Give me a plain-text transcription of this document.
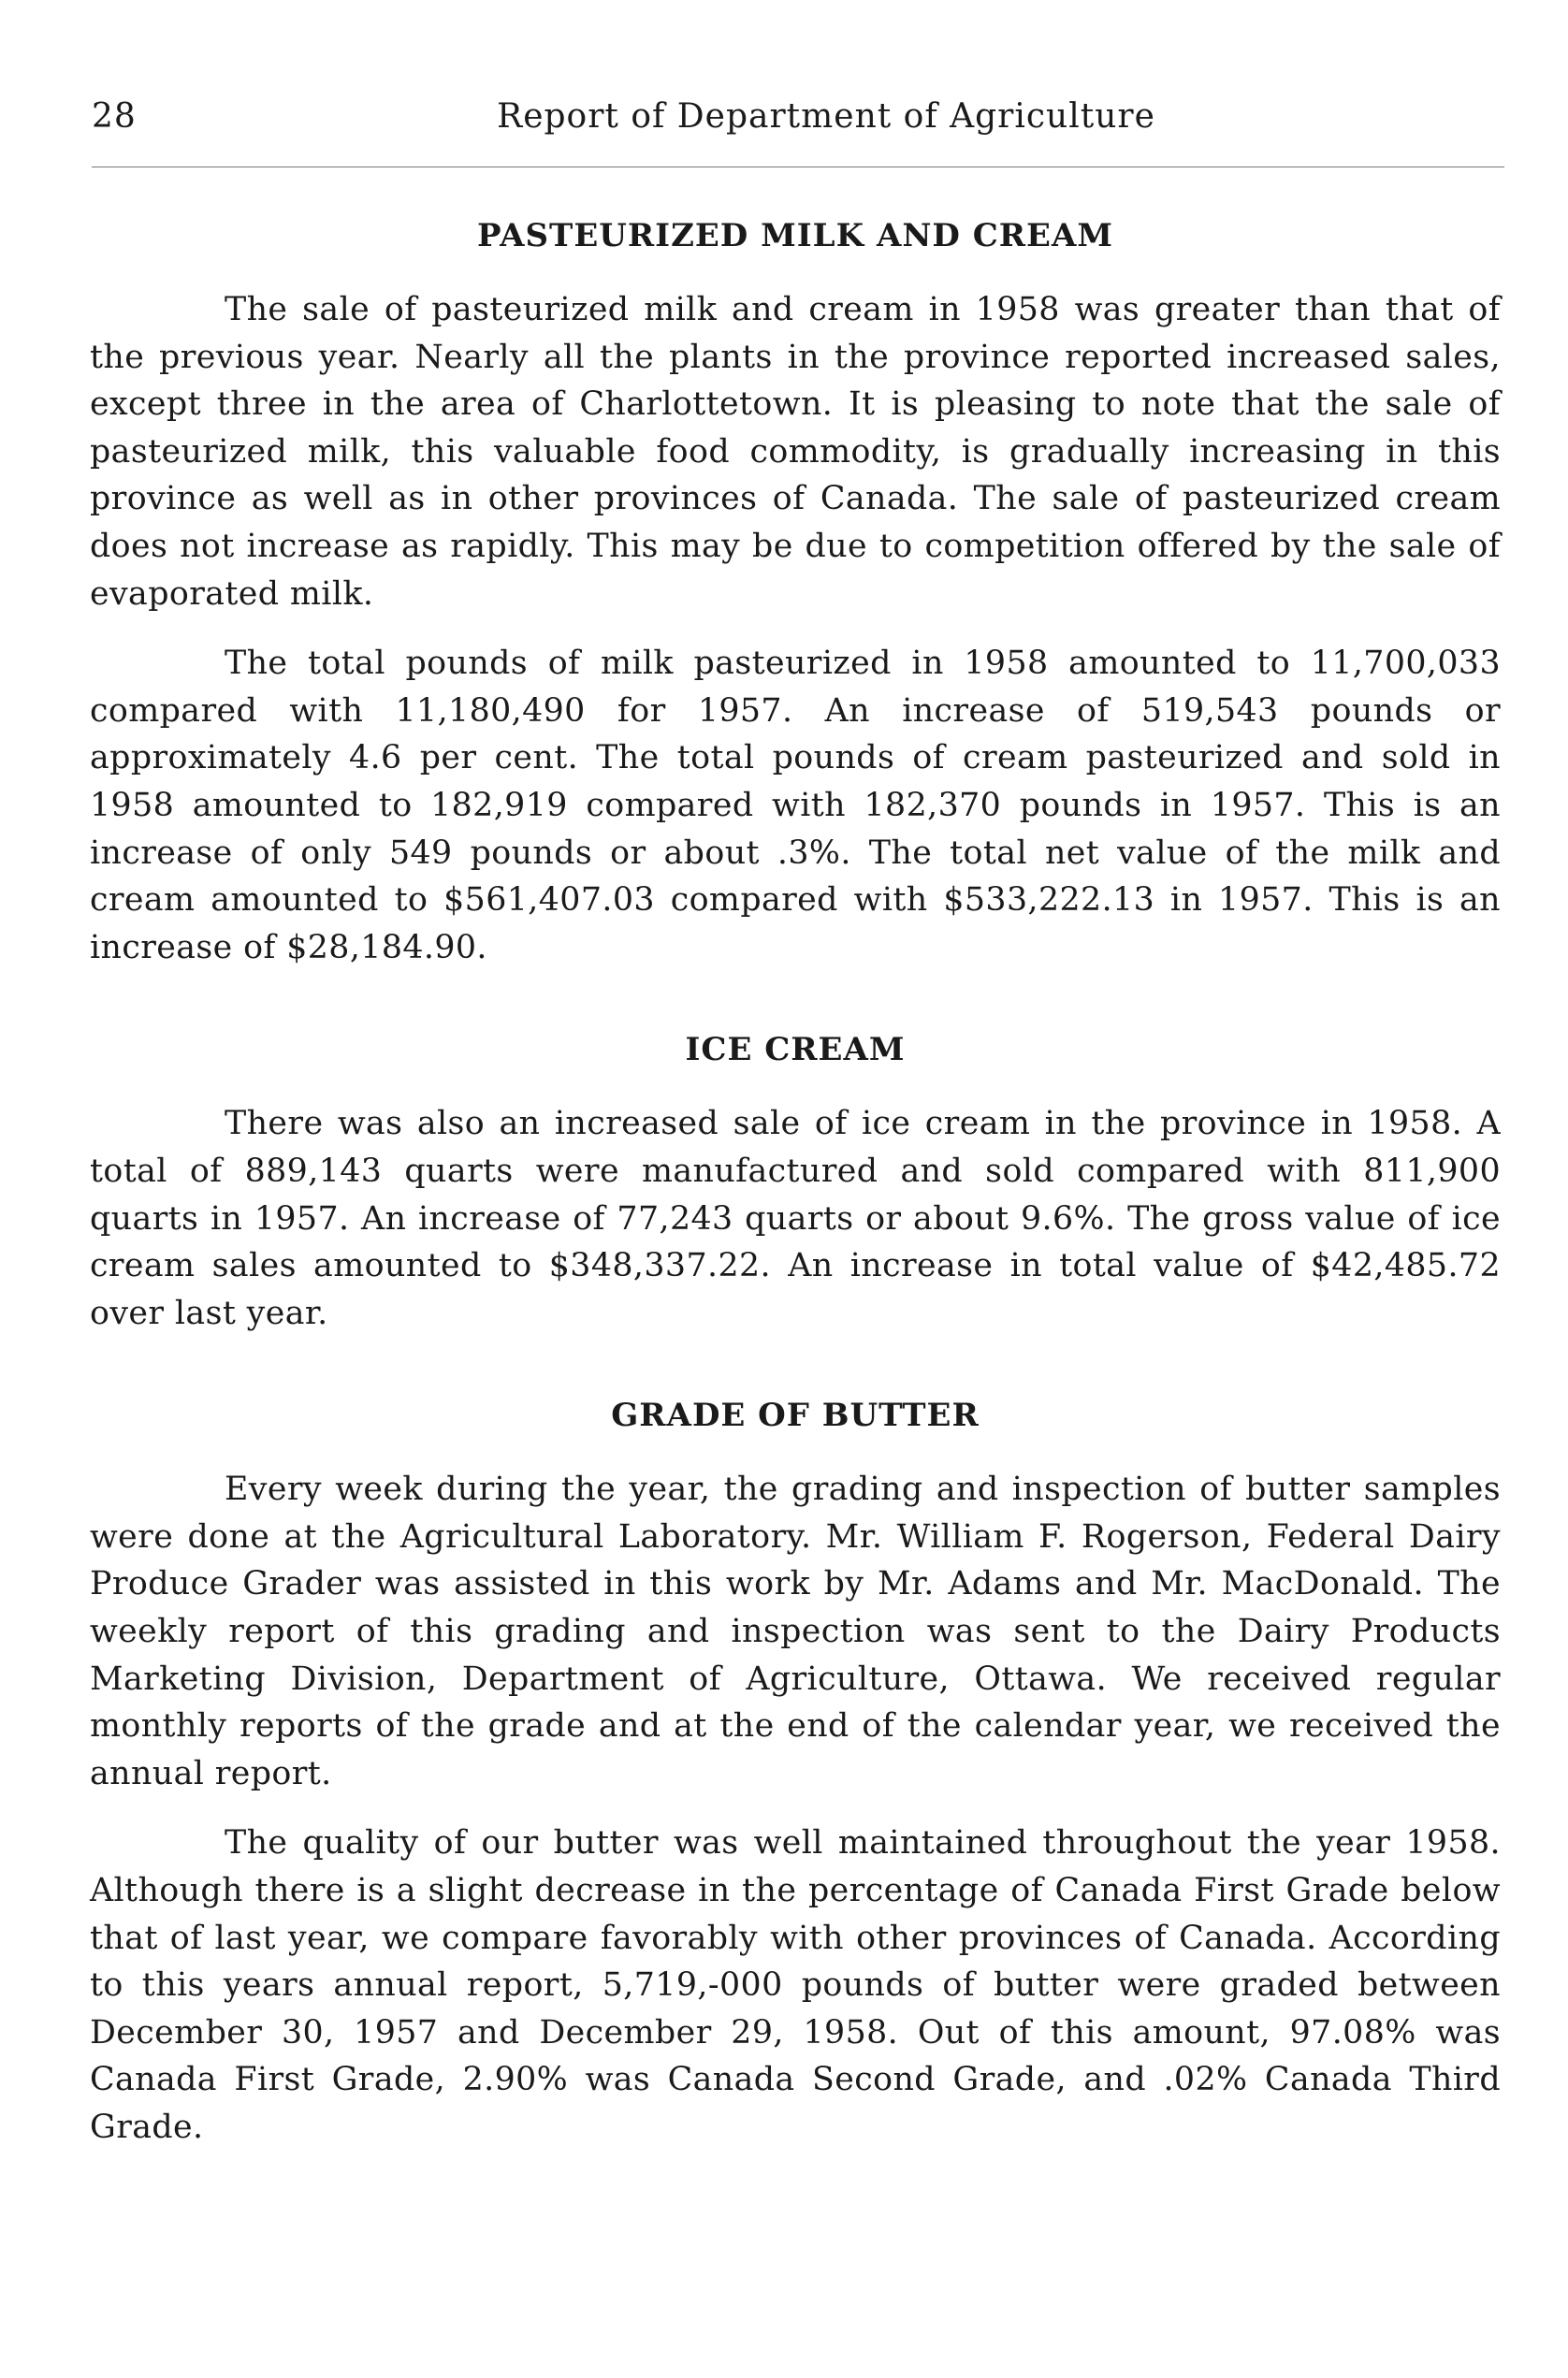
28	Report of Department of Agriculture
PASTEURIZED MILK AND CREAM

The sale of pasteurized milk and cream in 1958 was greater than that of the previous year. Nearly all the plants in the province reported increased sales, except three in the area of Charlottetown. It is pleasing to note that the sale of pasteurized milk, this valuable food commodity, is gradually increasing in this province as well as in other provinces of Canada. The sale of pasteurized cream does not increase as rapidly. This may be due to competition offered by the sale of evaporated milk.

The total pounds of milk pasteurized in 1958 amounted to 11,700,033 compared with 11,180,490 for 1957. An increase of 519,543 pounds or approximately 4.6 per cent. The total pounds of cream pasteurized and sold in 1958 amounted to 182,919 compared with 182,370 pounds in 1957. This is an increase of only 549 pounds or about .3%. The total net value of the milk and cream amounted to $561,407.03 compared with $533,222.13 in 1957. This is an increase of $28,184.90.

ICE CREAM

There was also an increased sale of ice cream in the province in 1958. A total of 889,143 quarts were manufactured and sold compared with 811,900 quarts in 1957. An increase of 77,243 quarts or about 9.6%. The gross value of ice cream sales amounted to $348,337.22. An increase in total value of $42,485.72 over last year.

GRADE OF BUTTER

Every week during the year, the grading and inspection of butter samples were done at the Agricultural Laboratory. Mr. William F. Rogerson, Federal Dairy Produce Grader was assisted in this work by Mr. Adams and Mr. MacDonald. The weekly report of this grading and inspection was sent to the Dairy Products Marketing Division, Department of Agriculture, Ottawa. We received regular monthly reports of the grade and at the end of the calendar year, we received the annual report.

The quality of our butter was well maintained throughout the year 1958. Although there is a slight decrease in the percentage of Canada First Grade below that of last year, we compare favorably with other provinces of Canada. According to this years annual report, 5,719,-000 pounds of butter were graded between December 30, 1957 and December 29, 1958. Out of this amount, 97.08% was Canada First Grade, 2.90% was Canada Second Grade, and .02% Canada Third Grade.
